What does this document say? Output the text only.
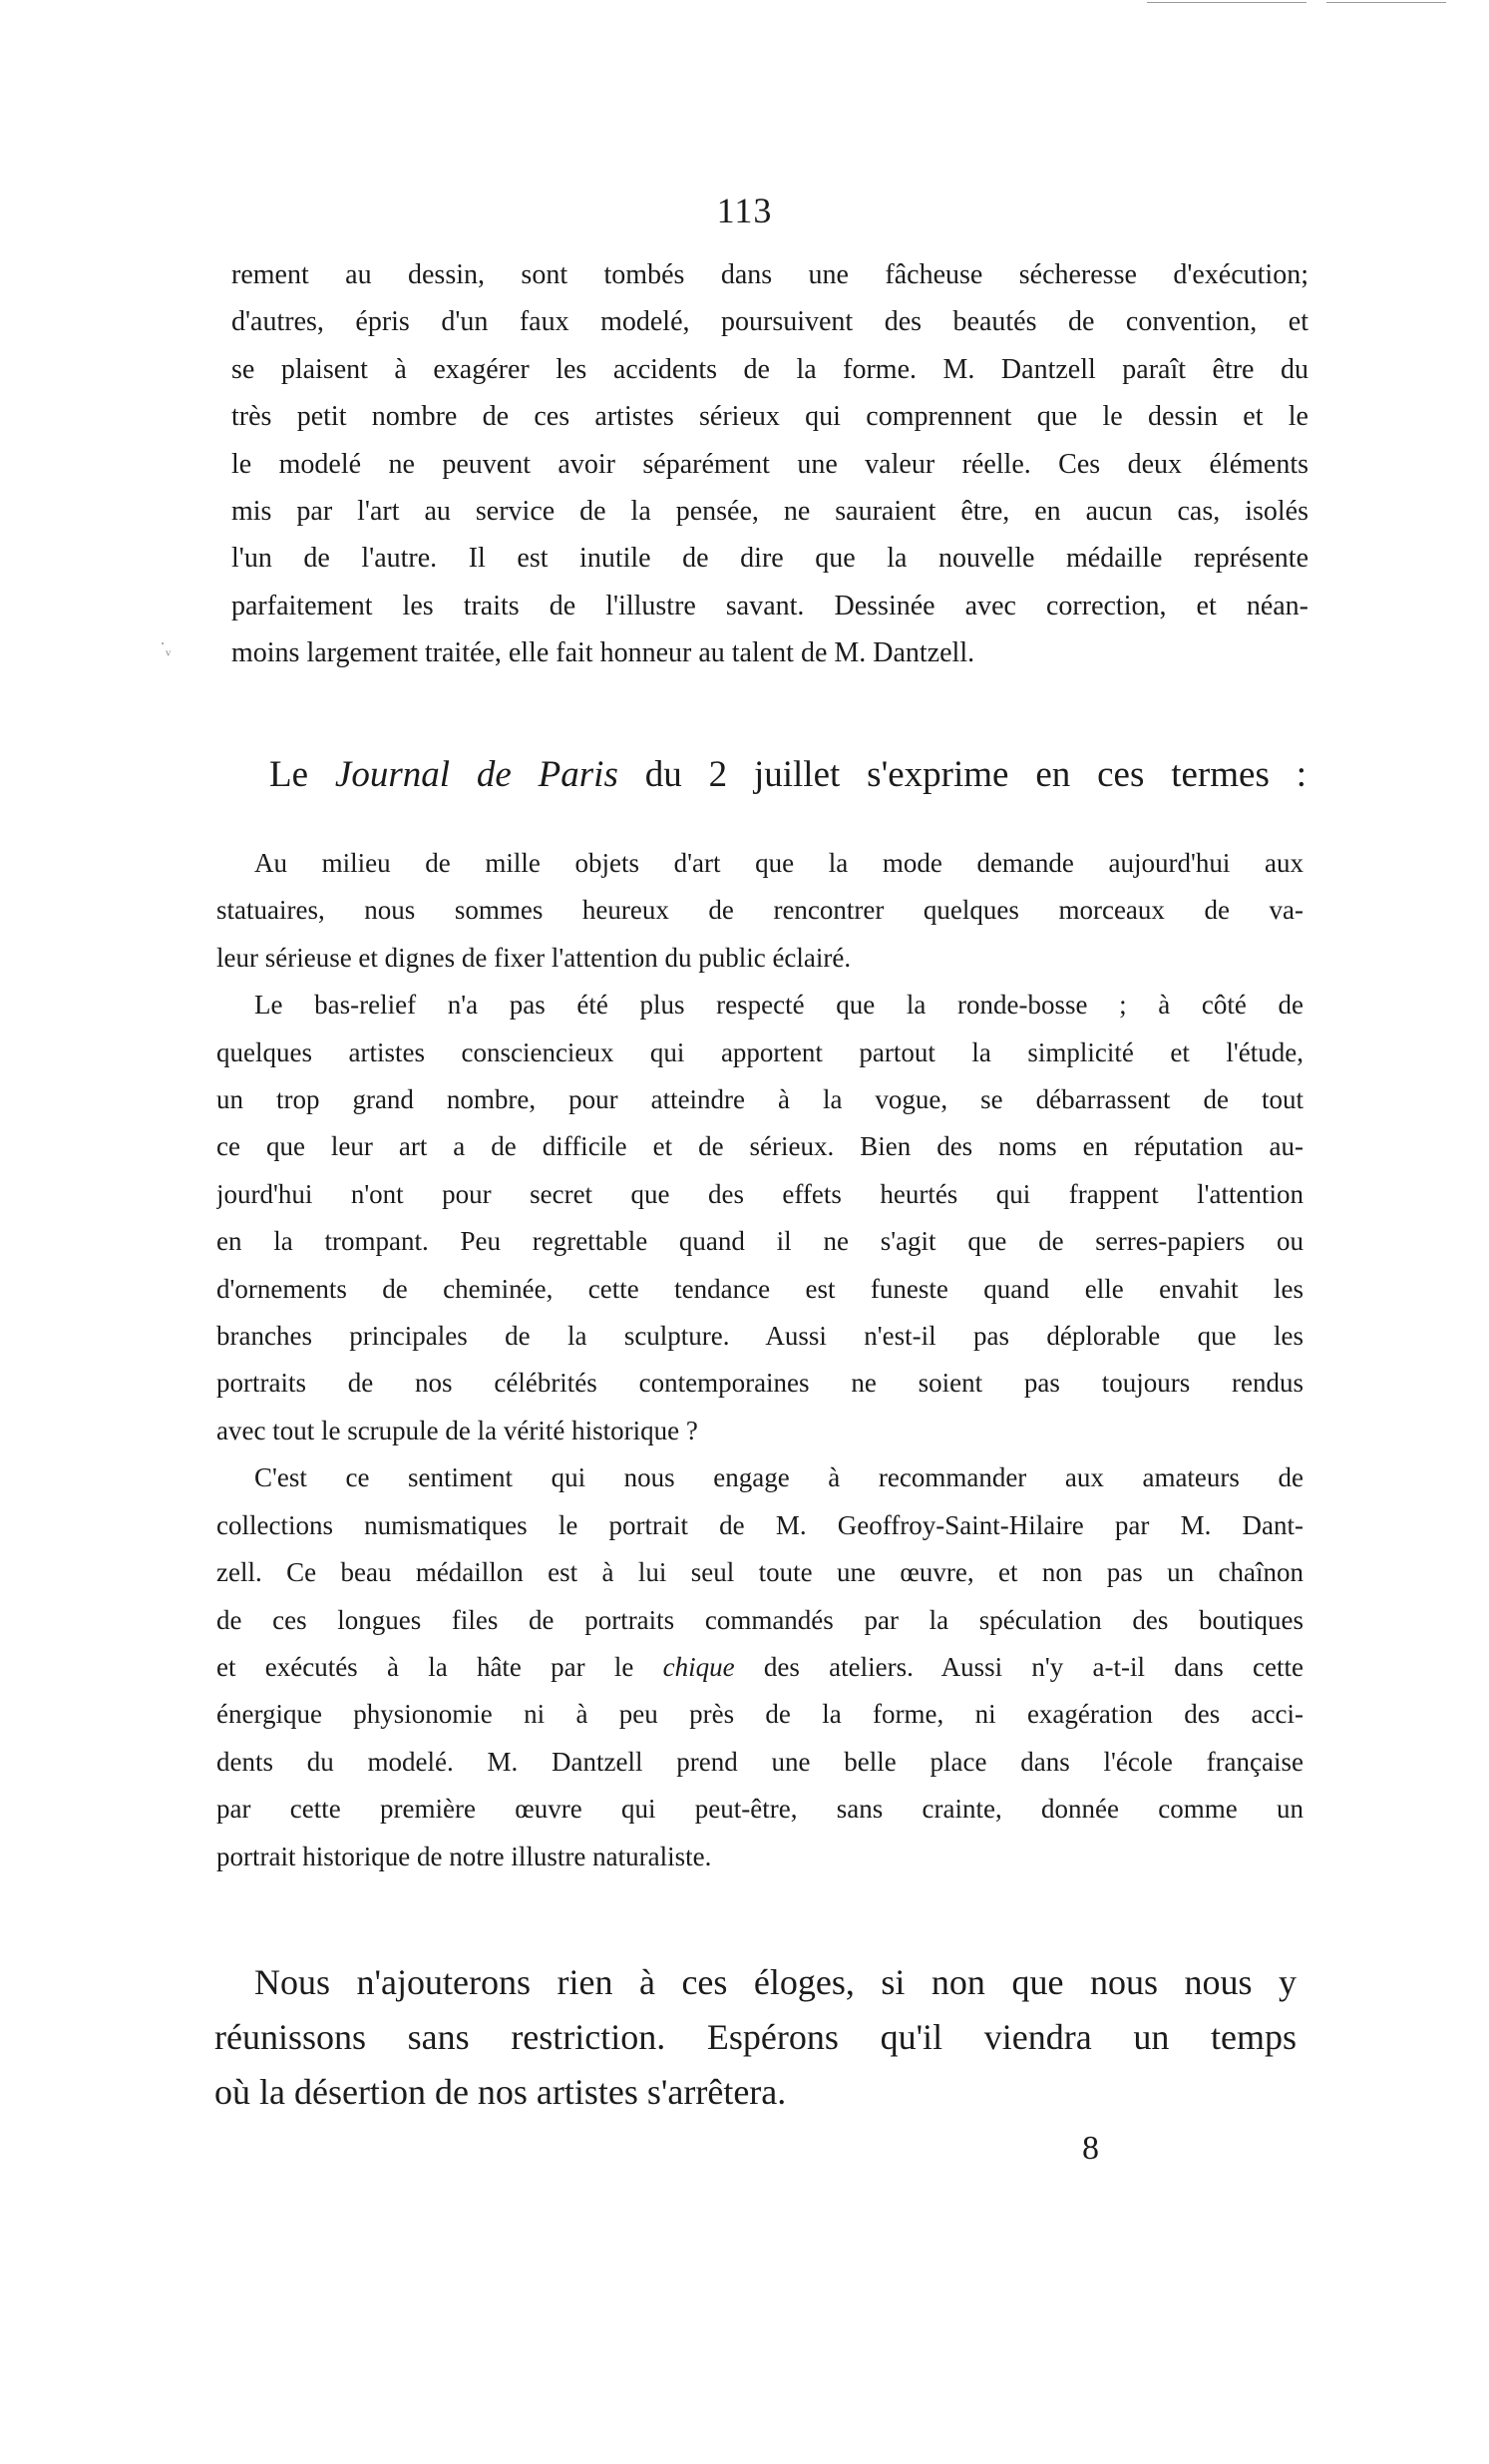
113
rement au dessin, sont tombés dans une fâcheuse sécheresse d'exécution;
d'autres, épris d'un faux modelé, poursuivent des beautés de convention, et
se plaisent à exagérer les accidents de la forme. M. Dantzell paraît être du
très petit nombre de ces artistes sérieux qui comprennent que le dessin et le
le modelé ne peuvent avoir séparément une valeur réelle. Ces deux éléments
mis par l'art au service de la pensée, ne sauraient être, en aucun cas, isolés
l'un de l'autre. Il est inutile de dire que la nouvelle médaille représente
parfaitement les traits de l'illustre savant. Dessinée avec correction, et néan-
moins largement traitée, elle fait honneur au talent de M. Dantzell.
˙ᵥ
Le Journal de Paris du 2 juillet s'exprime en ces termes :
Au milieu de mille objets d'art que la mode demande aujourd'hui aux
statuaires, nous sommes heureux de rencontrer quelques morceaux de va-
leur sérieuse et dignes de fixer l'attention du public éclairé.
Le bas-relief n'a pas été plus respecté que la ronde-bosse ; à côté de
quelques artistes consciencieux qui apportent partout la simplicité et l'étude,
un trop grand nombre, pour atteindre à la vogue, se débarrassent de tout
ce que leur art a de difficile et de sérieux. Bien des noms en réputation au-
jourd'hui n'ont pour secret que des effets heurtés qui frappent l'attention
en la trompant. Peu regrettable quand il ne s'agit que de serres-papiers ou
d'ornements de cheminée, cette tendance est funeste quand elle envahit les
branches principales de la sculpture. Aussi n'est-il pas déplorable que les
portraits de nos célébrités contemporaines ne soient pas toujours rendus
avec tout le scrupule de la vérité historique ?
C'est ce sentiment qui nous engage à recommander aux amateurs de
collections numismatiques le portrait de M. Geoffroy-Saint-Hilaire par M. Dant-
zell. Ce beau médaillon est à lui seul toute une œuvre, et non pas un chaînon
de ces longues files de portraits commandés par la spéculation des boutiques
et exécutés à la hâte par le chique des ateliers. Aussi n'y a-t-il dans cette
énergique physionomie ni à peu près de la forme, ni exagération des acci-
dents du modelé. M. Dantzell prend une belle place dans l'école française
par cette première œuvre qui peut-être, sans crainte, donnée comme un
portrait historique de notre illustre naturaliste.
Nous n'ajouterons rien à ces éloges, si non que nous nous y
réunissons sans restriction. Espérons qu'il viendra un temps
où la désertion de nos artistes s'arrêtera.
8
